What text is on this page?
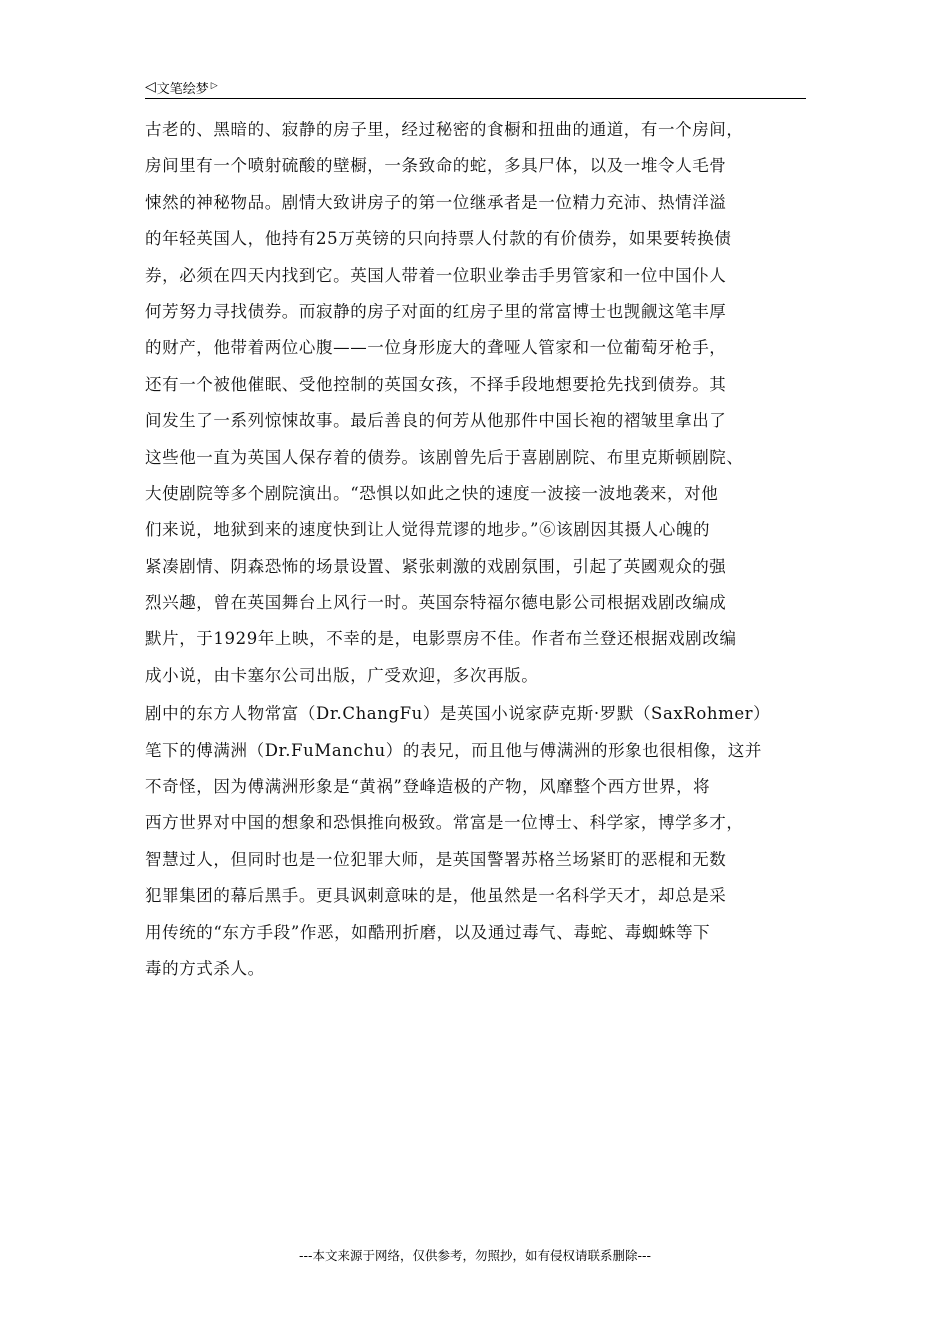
◁ 文笔绘梦 ▷
古老的、黑暗的、寂静的房子里，经过秘密的食橱和扭曲的通道，有一个房间，
房间里有一个喷射硫酸的壁橱，一条致命的蛇，多具尸体，以及一堆令人毛骨
悚然的神秘物品。剧情大致讲房子的第一位继承者是一位精力充沛、热情洋溢
的年轻英国人，他持有25万英镑的只向持票人付款的有价债券，如果要转换债
券，必须在四天内找到它。英国人带着一位职业拳击手男管家和一位中国仆人
何芳努力寻找债券。而寂静的房子对面的红房子里的常富博士也觊觎这笔丰厚
的财产，他带着两位心腹——一位身形庞大的聋哑人管家和一位葡萄牙枪手，
还有一个被他催眠、受他控制的英国女孩，不择手段地想要抢先找到债券。其
间发生了一系列惊悚故事。最后善良的何芳从他那件中国长袍的褶皱里拿出了
这些他一直为英国人保存着的债券。该剧曾先后于喜剧剧院、布里克斯顿剧院、
大使剧院等多个剧院演出。“恐惧以如此之快的速度一波接一波地袭来，对他
们来说，地狱到来的速度快到让人觉得荒谬的地步。”⑥该剧因其摄人心魄的
紧凑剧情、阴森恐怖的场景设置、紧张刺激的戏剧氛围，引起了英國观众的强
烈兴趣，曾在英国舞台上风行一时。英国奈特福尔德电影公司根据戏剧改编成
默片，于1929年上映，不幸的是，电影票房不佳。作者布兰登还根据戏剧改编
成小说，由卡塞尔公司出版，广受欢迎，多次再版。
剧中的东方人物常富（Dr.ChangFu）是英国小说家萨克斯·罗默（SaxRohmer）
笔下的傅满洲（Dr.FuManchu）的表兄，而且他与傅满洲的形象也很相像，这并
不奇怪，因为傅满洲形象是“黄祸”登峰造极的产物，风靡整个西方世界，将
西方世界对中国的想象和恐惧推向极致。常富是一位博士、科学家，博学多才，
智慧过人，但同时也是一位犯罪大师，是英国警署苏格兰场紧盯的恶棍和无数
犯罪集团的幕后黑手。更具讽刺意味的是，他虽然是一名科学天才，却总是采
用传统的“东方手段”作恶，如酷刑折磨，以及通过毒气、毒蛇、毒蜘蛛等下
毒的方式杀人。
---本文来源于网络，仅供参考，勿照抄，如有侵权请联系删除---
